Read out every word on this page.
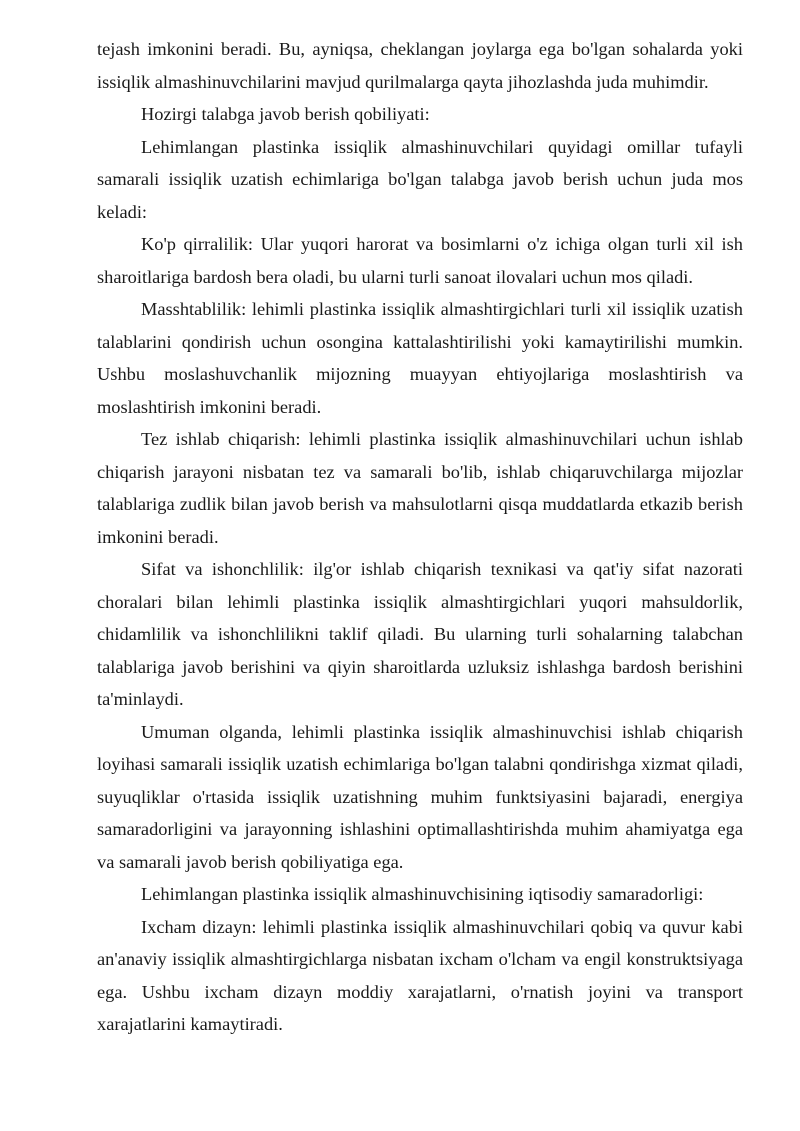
tejash imkonini beradi. Bu, ayniqsa, cheklangan joylarga ega bo'lgan sohalarda yoki issiqlik almashinuvchilarini mavjud qurilmalarga qayta jihozlashda juda muhimdir.

Hozirgi talabga javob berish qobiliyati:

Lehimlangan plastinka issiqlik almashinuvchilari quyidagi omillar tufayli samarali issiqlik uzatish echimlariga bo'lgan talabga javob berish uchun juda mos keladi:

Ko'p qirralilik: Ular yuqori harorat va bosimlarni o'z ichiga olgan turli xil ish sharoitlariga bardosh bera oladi, bu ularni turli sanoat ilovalari uchun mos qiladi.

Masshtablilik: lehimli plastinka issiqlik almashtirgichlari turli xil issiqlik uzatish talablarini qondirish uchun osongina kattalashtirilishi yoki kamaytirilishi mumkin. Ushbu moslashuvchanlik mijozning muayyan ehtiyojlariga moslashtirish va moslashtirish imkonini beradi.

Tez ishlab chiqarish: lehimli plastinka issiqlik almashinuvchilari uchun ishlab chiqarish jarayoni nisbatan tez va samarali bo'lib, ishlab chiqaruvchilarga mijozlar talablariga zudlik bilan javob berish va mahsulotlarni qisqa muddatlarda etkazib berish imkonini beradi.

Sifat va ishonchlilik: ilg'or ishlab chiqarish texnikasi va qat'iy sifat nazorati choralari bilan lehimli plastinka issiqlik almashtirgichlari yuqori mahsuldorlik, chidamlilik va ishonchlilikni taklif qiladi. Bu ularning turli sohalarning talabchan talablariga javob berishini va qiyin sharoitlarda uzluksiz ishlashga bardosh berishini ta'minlaydi.

Umuman olganda, lehimli plastinka issiqlik almashinuvchisi ishlab chiqarish loyihasi samarali issiqlik uzatish echimlariga bo'lgan talabni qondirishga xizmat qiladi, suyuqliklar o'rtasida issiqlik uzatishning muhim funktsiyasini bajaradi, energiya samaradorligini va jarayonning ishlashini optimallashtirishda muhim ahamiyatga ega va samarali javob berish qobiliyatiga ega.

Lehimlangan plastinka issiqlik almashinuvchisining iqtisodiy samaradorligi:

Ixcham dizayn: lehimli plastinka issiqlik almashinuvchilari qobiq va quvur kabi an'anaviy issiqlik almashtirgichlarga nisbatan ixcham o'lcham va engil konstruktsiyaga ega. Ushbu ixcham dizayn moddiy xarajatlarni, o'rnatish joyini va transport xarajatlarini kamaytiradi.
